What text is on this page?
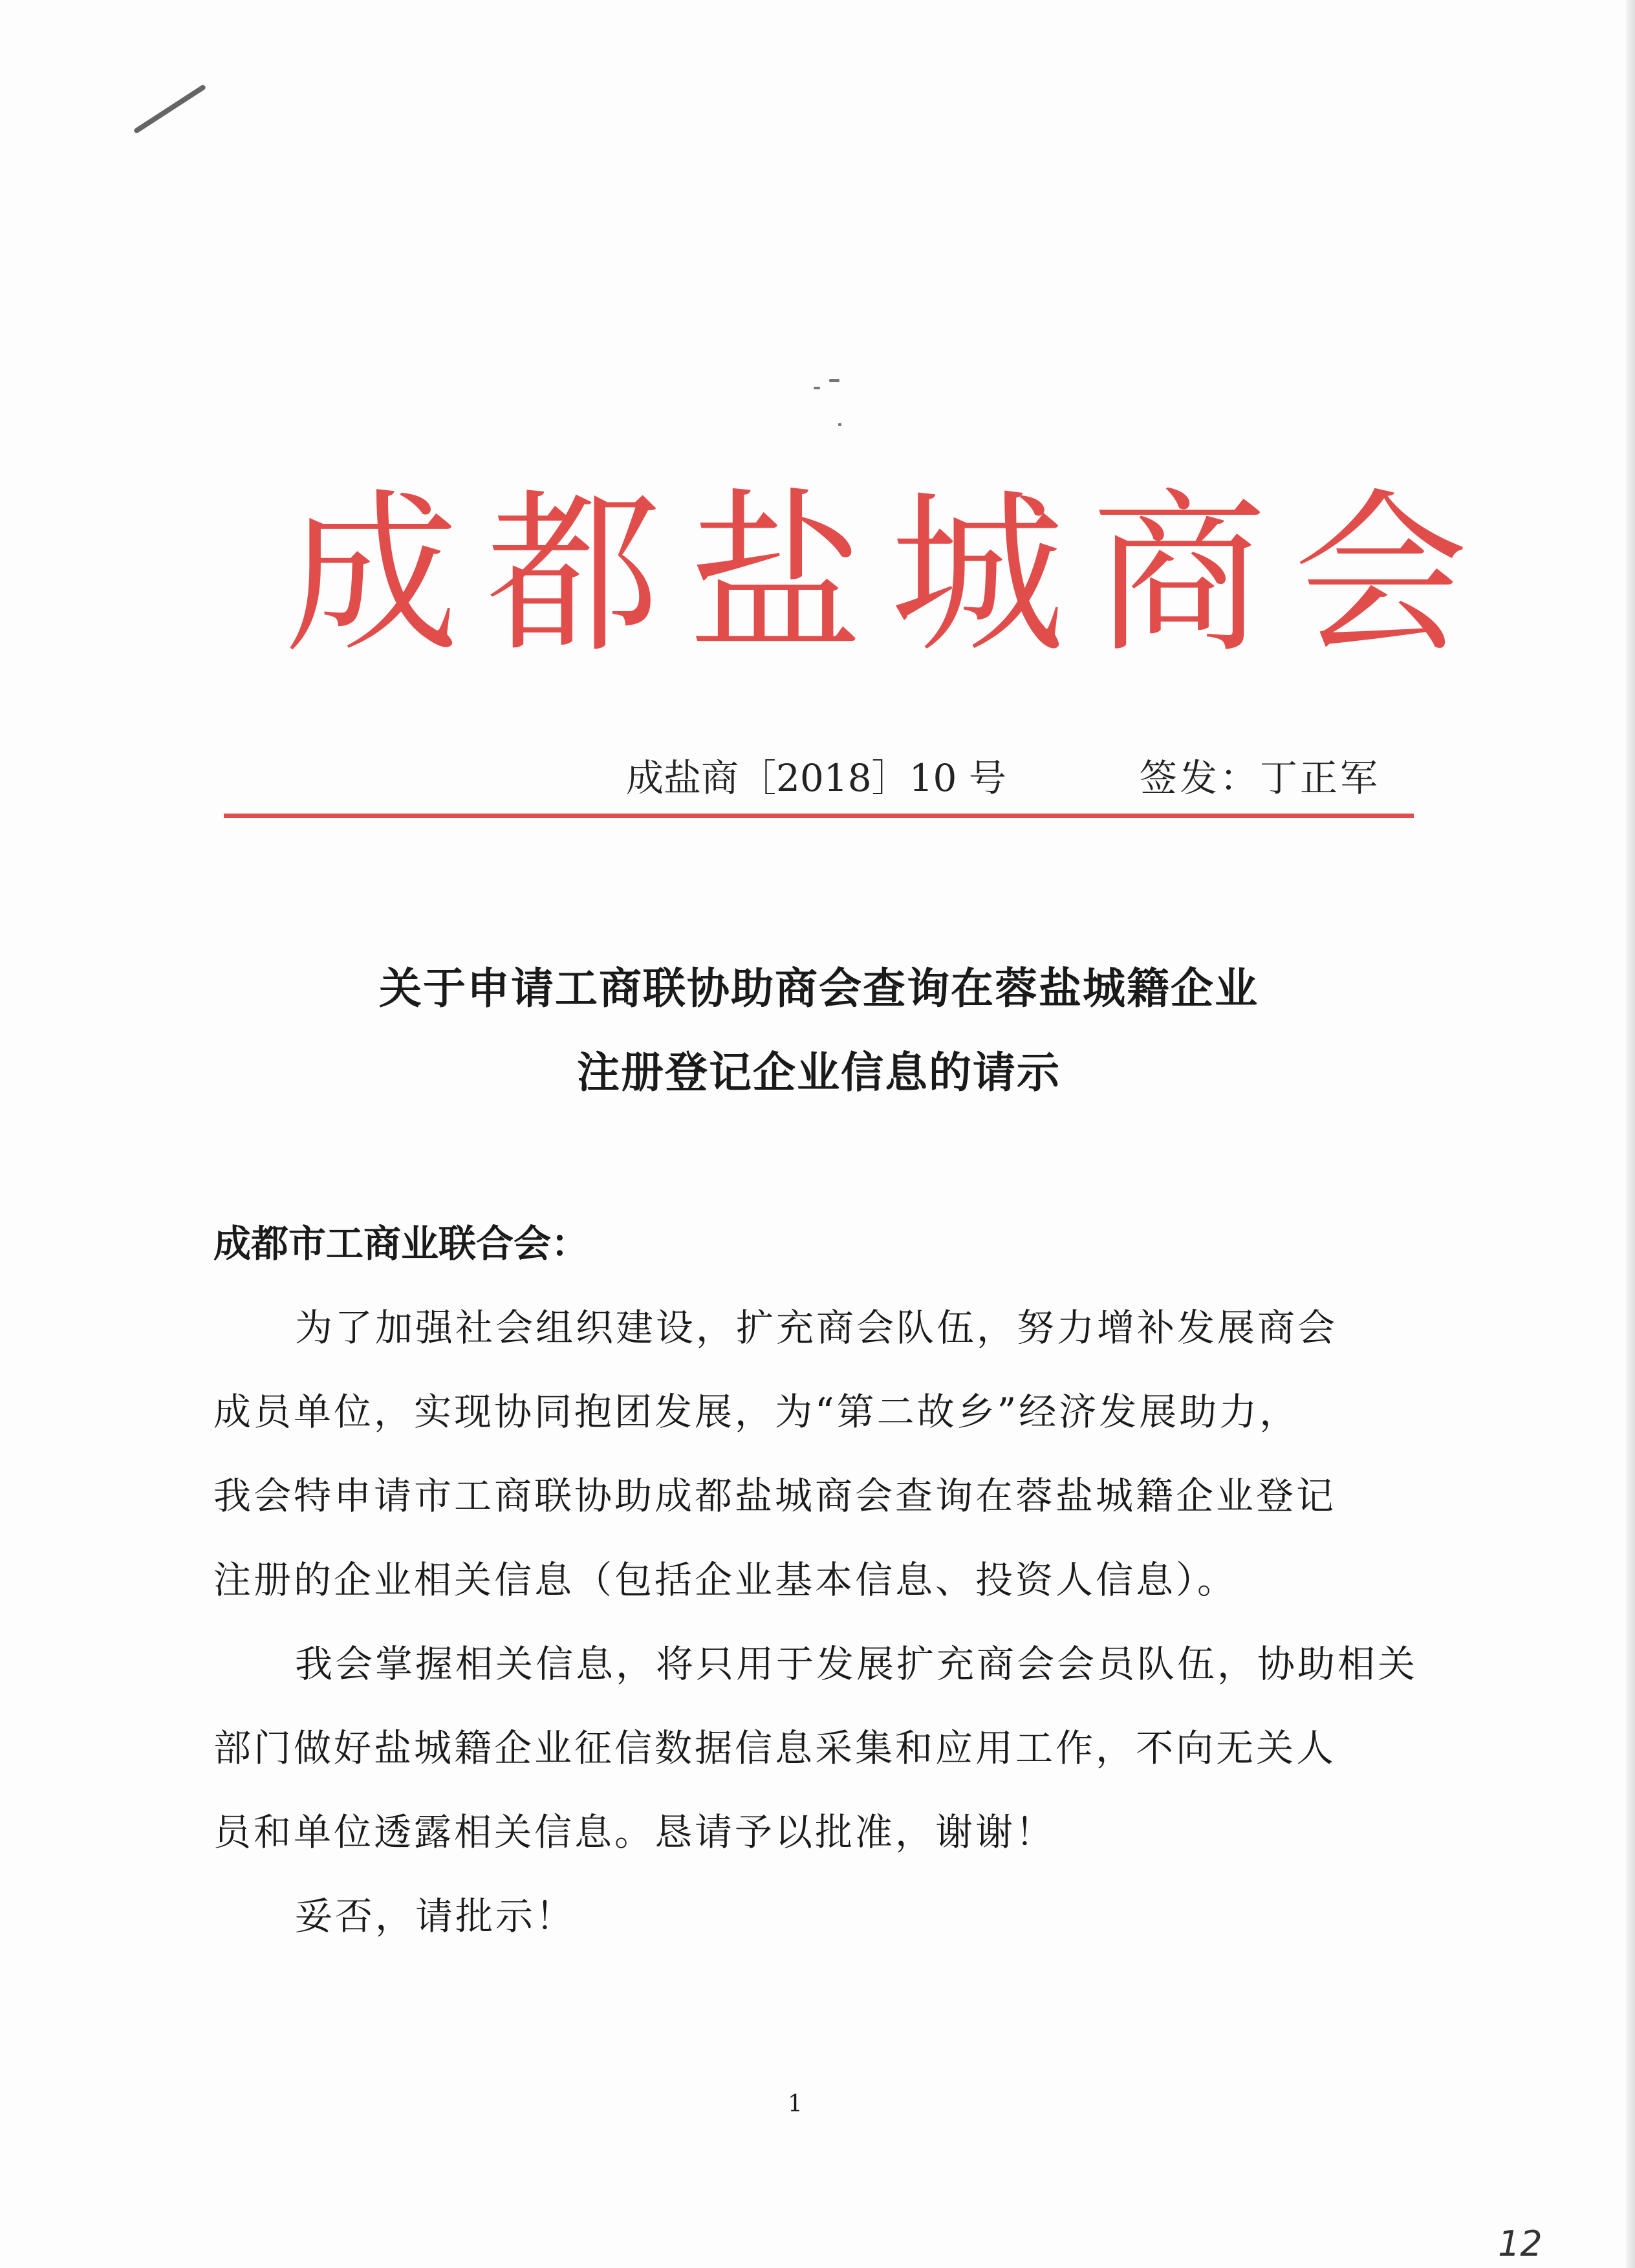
成都盐城商会
成盐商［2018］10 号	签发：丁正军
关于申请工商联协助商会查询在蓉盐城籍企业
注册登记企业信息的请示
成都市工商业联合会：
为了加强社会组织建设，扩充商会队伍，努力增补发展商会
成员单位，实现协同抱团发展，为“第二故乡”经济发展助力，
我会特申请市工商联协助成都盐城商会查询在蓉盐城籍企业登记
注册的企业相关信息（包括企业基本信息、投资人信息）。
我会掌握相关信息，将只用于发展扩充商会会员队伍，协助相关
部门做好盐城籍企业征信数据信息采集和应用工作，不向无关人
员和单位透露相关信息。恳请予以批准，谢谢！
妥否，请批示！
1
12
